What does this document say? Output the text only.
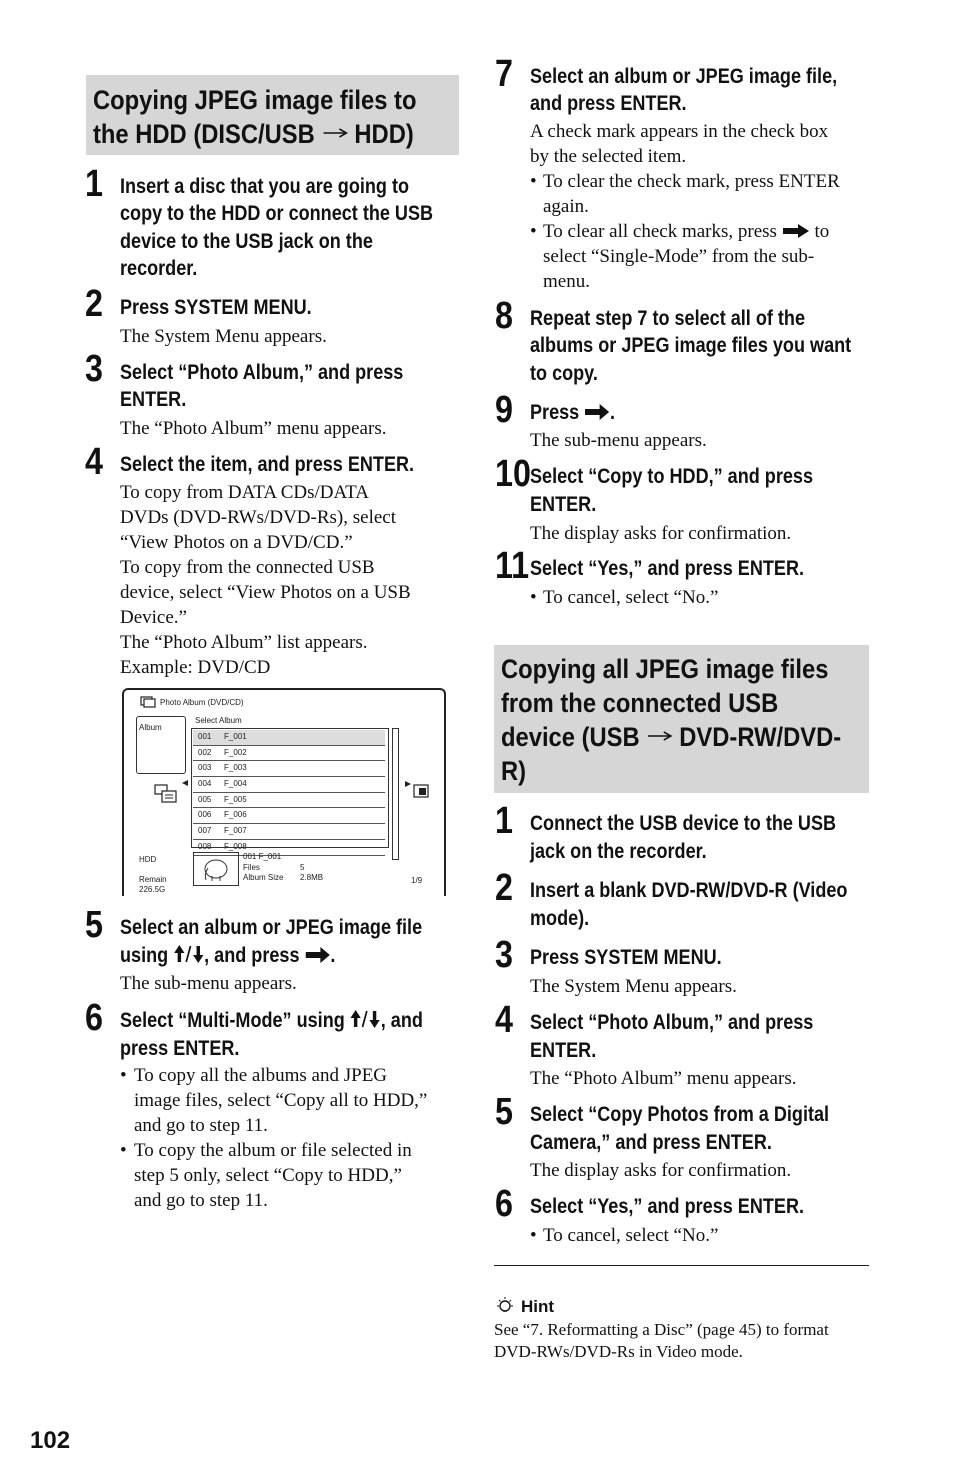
Copying JPEG image files to
the HDD (DISC/USB  HDD)
1 Insert a disc that you are going to
copy to the HDD or connect the USB
device to the USB jack on the
recorder.
2 Press SYSTEM MENU.
The System Menu appears.
3 Select “Photo Album,” and press
ENTER.
The “Photo Album” menu appears.
4 Select the item, and press ENTER.
To copy from DATA CDs/DATA
DVDs (DVD-RWs/DVD-Rs), select
“View Photos on a DVD/CD.”
To copy from the connected USB
device, select “View Photos on a USB
Device.”
The “Photo Album” list appears.
Example: DVD/CD
Photo Album (DVD/CD)
Album
Select Album
001 F_001
002 F_002
003 F_003
004 F_004
005 F_005
006 F_006
007 F_007
008 F_008
HDD
Remain
226.5G
001 F_001
Files	5
Album Size 2.8MB	1/9
5 Select an album or JPEG image file
using , and press .
The sub-menu appears.
6 Select “Multi-Mode” using , and
press ENTER.
• To copy all the albums and JPEG
image files, select “Copy all to HDD,”
and go to step 11.
• To copy the album or file selected in
step 5 only, select “Copy to HDD,”
and go to step 11.
7 Select an album or JPEG image file,
and press ENTER.
A check mark appears in the check box
by the selected item.
• To clear the check mark, press ENTER
again.
• To clear all check marks, press  to
select “Single-Mode” from the sub-
menu.
8 Repeat step 7 to select all of the
albums or JPEG image files you want
to copy.
9 Press .
The sub-menu appears.
10 Select “Copy to HDD,” and press
ENTER.
The display asks for confirmation.
11 Select “Yes,” and press ENTER.
• To cancel, select “No.”
Copying all JPEG image files
from the connected USB
device (USB  DVD-RW/DVD-
R)
1 Connect the USB device to the USB
jack on the recorder.
2 Insert a blank DVD-RW/DVD-R (Video
mode).
3 Press SYSTEM MENU.
The System Menu appears.
4 Select “Photo Album,” and press
ENTER.
The “Photo Album” menu appears.
5 Select “Copy Photos from a Digital
Camera,” and press ENTER.
The display asks for confirmation.
6 Select “Yes,” and press ENTER.
• To cancel, select “No.”
Hint
See “7. Reformatting a Disc” (page 45) to format
DVD-RWs/DVD-Rs in Video mode.
102
